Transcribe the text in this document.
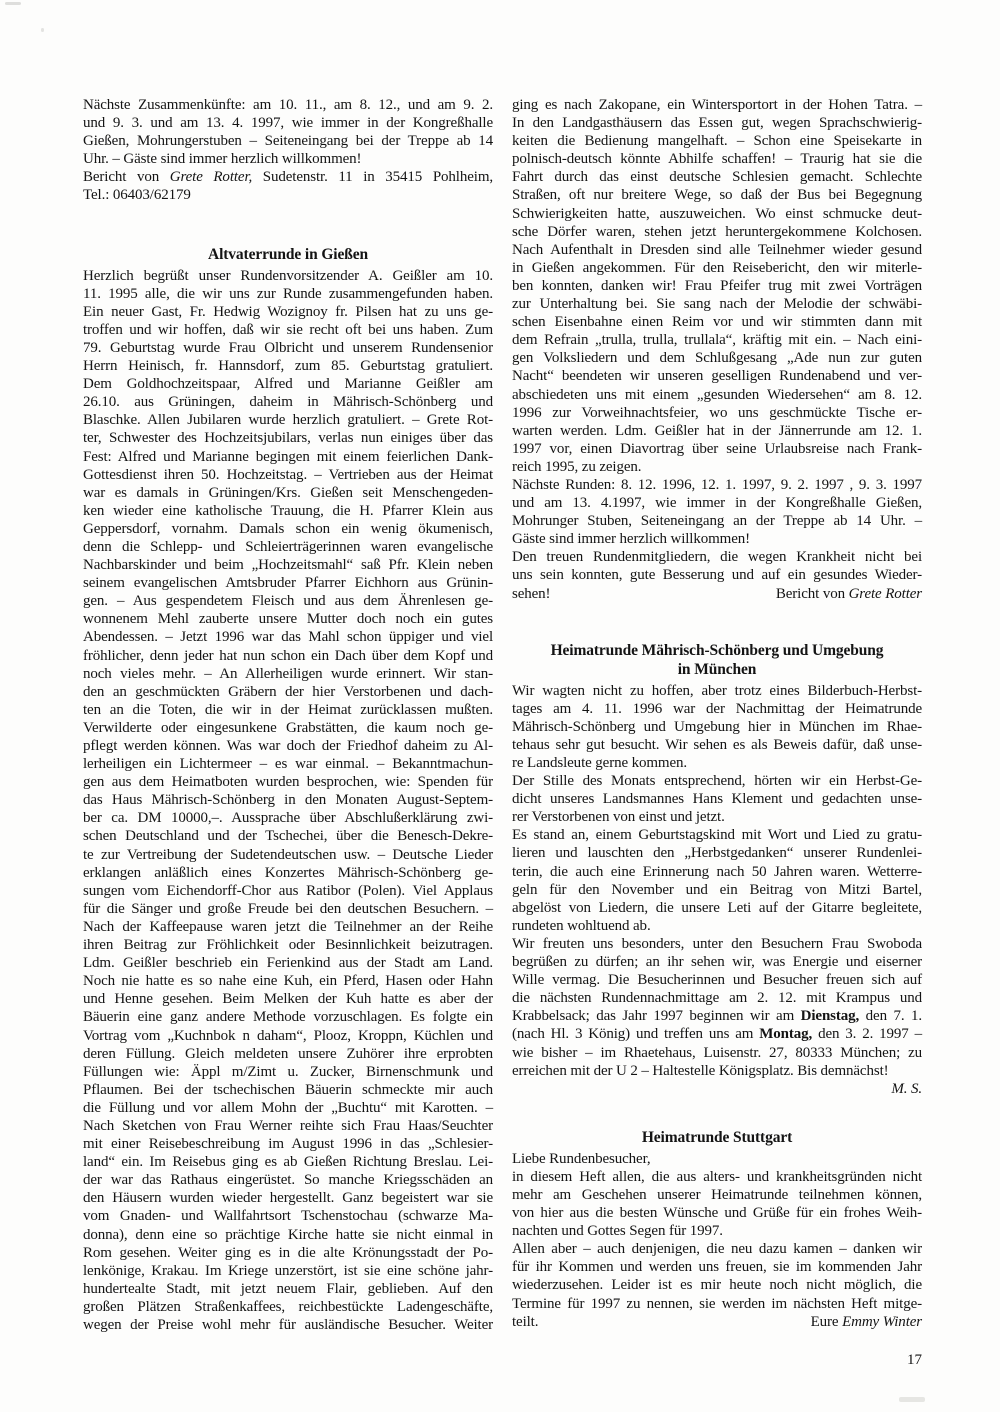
Nächste Zusammenkünfte: am 10. 11., am 8. 12., und am 9. 2.
und 9. 3. und am 13. 4. 1997, wie immer in der Kongreßhalle
Gießen, Mohrungerstuben – Seiteneingang bei der Treppe ab 14
Uhr. – Gäste sind immer herzlich willkommen!
Bericht von Grete Rotter, Sudetenstr. 11 in 35415 Pohlheim,
Tel.: 06403/62179
Altvaterrunde in Gießen
Herzlich begrüßt unser Rundenvorsitzender A. Geißler am 10.
11. 1995 alle, die wir uns zur Runde zusammengefunden haben.
Ein neuer Gast, Fr. Hedwig Wozignoy fr. Pilsen hat zu uns ge-
troffen und wir hoffen, daß wir sie recht oft bei uns haben. Zum
79. Geburtstag wurde Frau Olbricht und unserem Rundensenior
Herrn Heinisch, fr. Hannsdorf, zum 85. Geburtstag gratuliert.
Dem Goldhochzeitspaar, Alfred und Marianne Geißler am
26.10. aus Grüningen, daheim in Mährisch-Schönberg und
Blaschke. Allen Jubilaren wurde herzlich gratuliert. – Grete Rot-
ter, Schwester des Hochzeitsjubilars, verlas nun einiges über das
Fest: Alfred und Marianne begingen mit einem feierlichen Dank-
Gottesdienst ihren 50. Hochzeitstag. – Vertrieben aus der Heimat
war es damals in Grüningen/Krs. Gießen seit Menschengeden-
ken wieder eine katholische Trauung, die H. Pfarrer Klein aus
Geppersdorf, vornahm. Damals schon ein wenig ökumenisch,
denn die Schlepp- und Schleierträgerinnen waren evangelische
Nachbarskinder und beim „Hochzeitsmahl“ saß Pfr. Klein neben
seinem evangelischen Amtsbruder Pfarrer Eichhorn aus Grünin-
gen. – Aus gespendetem Fleisch und aus dem Ährenlesen ge-
wonnenem Mehl zauberte unsere Mutter doch noch ein gutes
Abendessen. – Jetzt 1996 war das Mahl schon üppiger und viel
fröhlicher, denn jeder hat nun schon ein Dach über dem Kopf und
noch vieles mehr. – An Allerheiligen wurde erinnert. Wir stan-
den an geschmückten Gräbern der hier Verstorbenen und dach-
ten an die Toten, die wir in der Heimat zurücklassen mußten.
Verwilderte oder eingesunkene Grabstätten, die kaum noch ge-
pflegt werden können. Was war doch der Friedhof daheim zu Al-
lerheiligen ein Lichtermeer – es war einmal. – Bekanntmachun-
gen aus dem Heimatboten wurden besprochen, wie: Spenden für
das Haus Mährisch-Schönberg in den Monaten August-Septem-
ber ca. DM 10000,–. Aussprache über Abschlußerklärung zwi-
schen Deutschland und der Tschechei, über die Benesch-Dekre-
te zur Vertreibung der Sudetendeutschen usw. – Deutsche Lieder
erklangen anläßlich eines Konzertes Mährisch-Schönberg ge-
sungen vom Eichendorff-Chor aus Ratibor (Polen). Viel Applaus
für die Sänger und große Freude bei den deutschen Besuchern. –
Nach der Kaffeepause waren jetzt die Teilnehmer an der Reihe
ihren Beitrag zur Fröhlichkeit oder Besinnlichkeit beizutragen.
Ldm. Geißler beschrieb ein Ferienkind aus der Stadt am Land.
Noch nie hatte es so nahe eine Kuh, ein Pferd, Hasen oder Hahn
und Henne gesehen. Beim Melken der Kuh hatte es aber der
Bäuerin eine ganz andere Methode vorzuschlagen. Es folgte ein
Vortrag vom „Kuchnbok n daham“, Plooz, Kroppn, Küchlen und
deren Füllung. Gleich meldeten unsere Zuhörer ihre erprobten
Füllungen wie: Äppl m/Zimt u. Zucker, Birnenschmunk und
Pflaumen. Bei der tschechischen Bäuerin schmeckte mir auch
die Füllung und vor allem Mohn der „Buchtu“ mit Karotten. –
Nach Sketchen von Frau Werner reihte sich Frau Haas/Seuchter
mit einer Reisebeschreibung im August 1996 in das „Schlesier-
land“ ein. Im Reisebus ging es ab Gießen Richtung Breslau. Lei-
der war das Rathaus eingerüstet. So manche Kriegsschäden an
den Häusern wurden wieder hergestellt. Ganz begeistert war sie
vom Gnaden- und Wallfahrtsort Tschenstochau (schwarze Ma-
donna), denn eine so prächtige Kirche hatte sie nicht einmal in
Rom gesehen. Weiter ging es in die alte Krönungsstadt der Po-
lenkönige, Krakau. Im Kriege unzerstört, ist sie eine schöne jahr-
hundertealte Stadt, mit jetzt neuem Flair, geblieben. Auf den
großen Plätzen Straßenkaffees, reichbestückte Ladengeschäfte,
wegen der Preise wohl mehr für ausländische Besucher. Weiter
ging es nach Zakopane, ein Wintersportort in der Hohen Tatra. –
In den Landgasthäusern das Essen gut, wegen Sprachschwierig-
keiten die Bedienung mangelhaft. – Schon eine Speisekarte in
polnisch-deutsch könnte Abhilfe schaffen! – Traurig hat sie die
Fahrt durch das einst deutsche Schlesien gemacht. Schlechte
Straßen, oft nur breitere Wege, so daß der Bus bei Begegnung
Schwierigkeiten hatte, auszuweichen. Wo einst schmucke deut-
sche Dörfer waren, stehen jetzt heruntergekommene Kolchosen.
Nach Aufenthalt in Dresden sind alle Teilnehmer wieder gesund
in Gießen angekommen. Für den Reisebericht, den wir miterle-
ben konnten, danken wir! Frau Pfeifer trug mit zwei Vorträgen
zur Unterhaltung bei. Sie sang nach der Melodie der schwäbi-
schen Eisenbahne einen Reim vor und wir stimmten dann mit
dem Refrain „trulla, trulla, trullala“, kräftig mit ein. – Nach eini-
gen Volksliedern und dem Schlußgesang „Ade nun zur guten
Nacht“ beendeten wir unseren geselligen Rundenabend und ver-
abschiedeten uns mit einem „gesunden Wiedersehen“ am 8. 12.
1996 zur Vorweihnachtsfeier, wo uns geschmückte Tische er-
warten werden. Ldm. Geißler hat in der Jännerrunde am 12. 1.
1997 vor, einen Diavortrag über seine Urlaubsreise nach Frank-
reich 1995, zu zeigen.
Nächste Runden: 8. 12. 1996, 12. 1. 1997, 9. 2. 1997 , 9. 3. 1997
und am 13. 4.1997, wie immer in der Kongreßhalle Gießen,
Mohrunger Stuben, Seiteneingang an der Treppe ab 14 Uhr. –
Gäste sind immer herzlich willkommen!
Den treuen Rundenmitgliedern, die wegen Krankheit nicht bei
uns sein konnten, gute Besserung und auf ein gesundes Wieder-
sehen!	Bericht von Grete Rotter
Heimatrunde Mährisch-Schönberg und Umgebung
in München
Wir wagten nicht zu hoffen, aber trotz eines Bilderbuch-Herbst-
tages am 4. 11. 1996 war der Nachmittag der Heimatrunde
Mährisch-Schönberg und Umgebung hier in München im Rhae-
tehaus sehr gut besucht. Wir sehen es als Beweis dafür, daß unse-
re Landsleute gerne kommen.
Der Stille des Monats entsprechend, hörten wir ein Herbst-Ge-
dicht unseres Landsmannes Hans Klement und gedachten unse-
rer Verstorbenen von einst und jetzt.
Es stand an, einem Geburtstagskind mit Wort und Lied zu gratu-
lieren und lauschten den „Herbstgedanken“ unserer Rundenlei-
terin, die auch eine Erinnerung nach 50 Jahren waren. Wetterre-
geln für den November und ein Beitrag von Mitzi Bartel,
abgelöst von Liedern, die unsere Leti auf der Gitarre begleitete,
rundeten wohltuend ab.
Wir freuten uns besonders, unter den Besuchern Frau Swoboda
begrüßen zu dürfen; an ihr sehen wir, was Energie und eiserner
Wille vermag. Die Besucherinnen und Besucher freuen sich auf
die nächsten Rundennachmittage am 2. 12. mit Krampus und
Krabbelsack; das Jahr 1997 beginnen wir am Dienstag, den 7. 1.
(nach Hl. 3 König) und treffen uns am Montag, den 3. 2. 1997 –
wie bisher – im Rhaetehaus, Luisenstr. 27, 80333 München; zu
erreichen mit der U 2 – Haltestelle Königsplatz. Bis demnächst!
M. S.
Heimatrunde Stuttgart
Liebe Rundenbesucher,
in diesem Heft allen, die aus alters- und krankheitsgründen nicht
mehr am Geschehen unserer Heimatrunde teilnehmen können,
von hier aus die besten Wünsche und Grüße für ein frohes Weih-
nachten und Gottes Segen für 1997.
Allen aber – auch denjenigen, die neu dazu kamen – danken wir
für ihr Kommen und werden uns freuen, sie im kommenden Jahr
wiederzusehen. Leider ist es mir heute noch nicht möglich, die
Termine für 1997 zu nennen, sie werden im nächsten Heft mitge-
teilt.	Eure Emmy Winter
17
